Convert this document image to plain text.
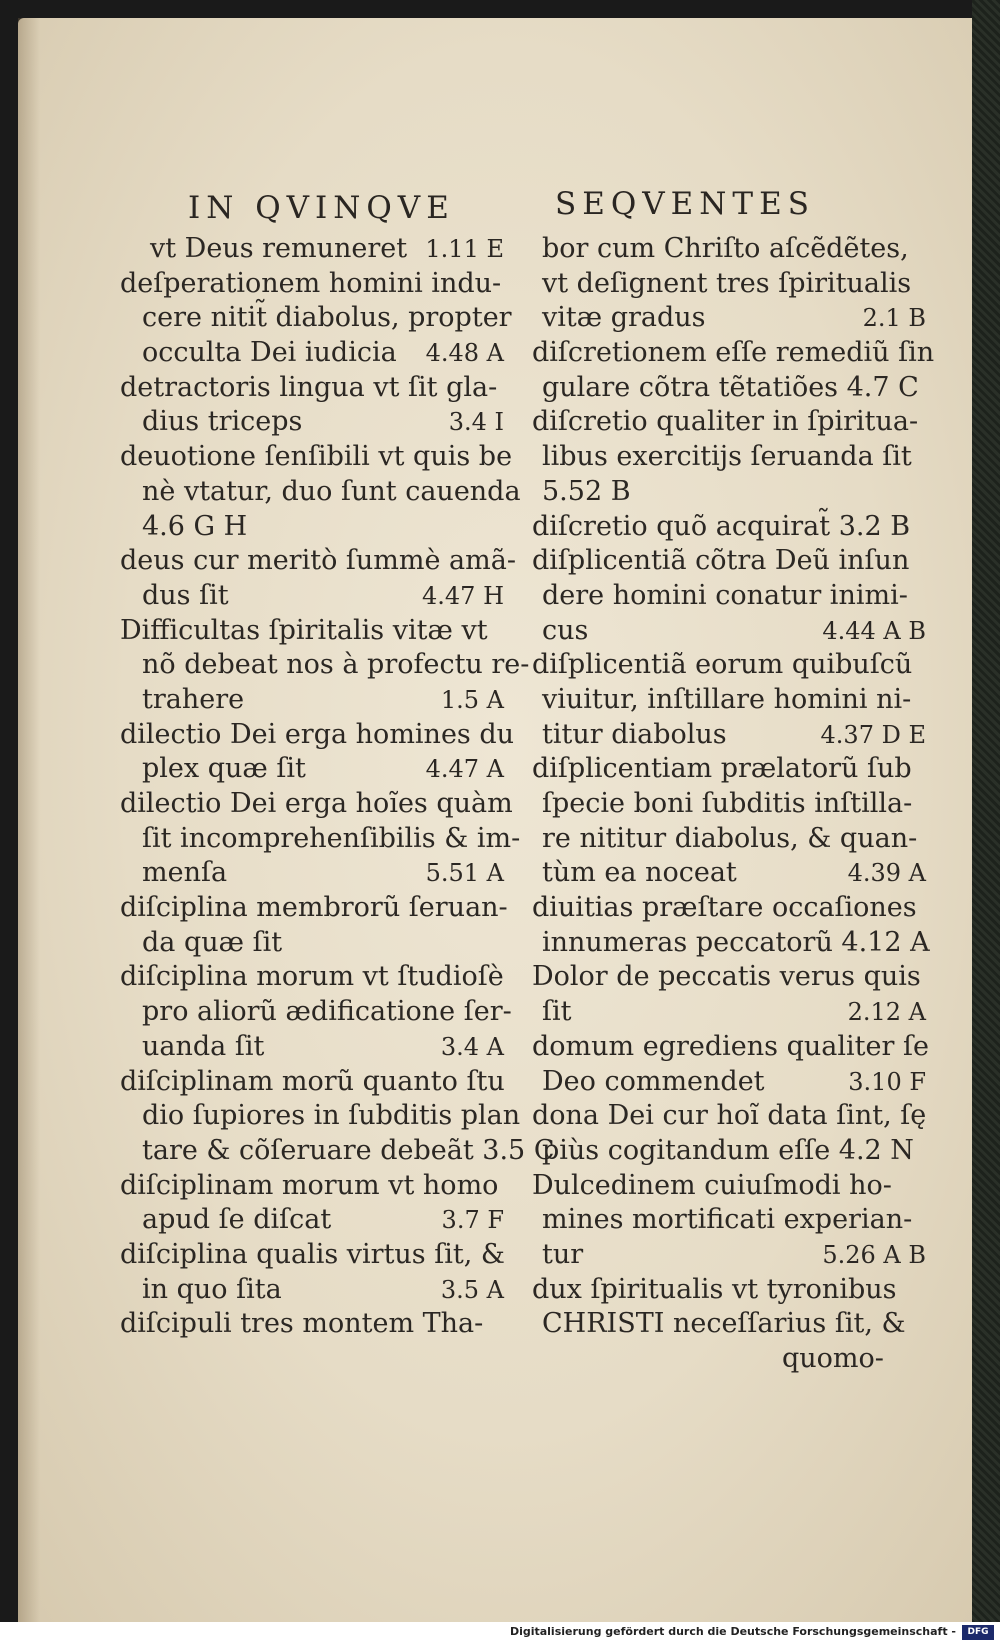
IN QVINQVE	SEQVENTES
vt Deus remuneret 1.11 E
deſperationem homini indu-
cere nitit̃ diabolus, propter
occulta Dei iudicia 4.48 A
detractoris lingua vt ſit gla-
dius triceps	3.4 I
deuotione ſenſibili vt quis be
nè vtatur, duo ſunt cauenda
4.6 G H
deus cur meritò ſummè amã-
dus ſit	4.47 H
Difficultas ſpiritalis vitæ vt
nõ debeat nos à profectu re-
trahere	1.5 A
dilectio Dei erga homines du
plex quæ ſit	4.47 A
dilectio Dei erga hoĩes quàm
ſit incomprehenſibilis & im-
menſa	5.51 A
diſciplina membrorũ ſeruan-
da quæ ſit
diſciplina morum vt ſtudioſè
pro aliorũ ædificatione ſer-
uanda ſit	3.4 A
diſciplinam morũ quanto ſtu
dio ſupiores in ſubditis plan
tare & cõſeruare debeãt 3.5 C
diſciplinam morum vt homo
apud ſe diſcat	3.7 F
diſciplina qualis virtus ſit, &
in quo ſita	3.5 A
diſcipuli tres montem Tha-
bor cum Chriſto aſcẽdẽtes,
vt deſignent tres ſpiritualis
vitæ gradus	2.1 B
diſcretionem eſſe remediũ ſin
gulare cõtra tẽtatiões 4.7 C
diſcretio qualiter in ſpiritua-
libus exercitijs ſeruanda ſit
5.52 B
diſcretio quõ acquirat̃ 3.2 B
diſplicentiã cõtra Deũ inſun
dere homini conatur inimi-
cus	4.44 A B
diſplicentiã eorum quibuſcũ
viuitur, inſtillare homini ni-
titur diabolus	4.37 D E
diſplicentiam prælatorũ ſub
ſpecie boni ſubditis inſtilla-
re nititur diabolus, & quan-
tùm ea noceat	4.39 A
diuitias præſtare occaſiones
innumeras peccatorũ 4.12 A
Dolor de peccatis verus quis
ſit	2.12 A
domum egrediens qualiter ſe
Deo commendet	3.10 F
dona Dei cur hoĩ data ſint, ſę
piùs cogitandum eſſe 4.2 N
Dulcedinem cuiuſmodi ho-
mines mortificati experian-
tur	5.26 A B
dux ſpiritualis vt tyronibus
CHRISTI neceſſarius ſit, &
quomo-
Digitalisierung gefördert durch die Deutsche Forschungsgemeinschaft -	DFG
